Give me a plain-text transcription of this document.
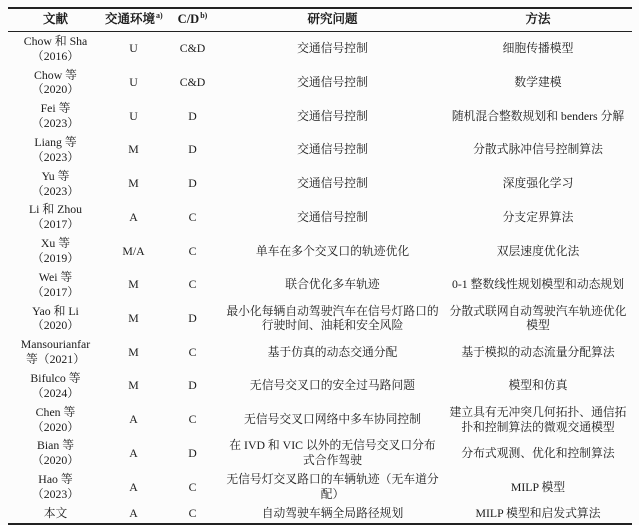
文献	交通环境$^{a)}$	$C/D^{b)}$	研究问题	方法

Chow 和 Sha
（2016）	U	C&D	交通信号控制	细胞传播模型

Chow 等
（2020）	U	C&D	交通信号控制	数学建模

Fei 等
（2023）	U	D	交通信号控制	随机混合整数规划和 benders 分解

Liang 等
（2023）	M	D	交通信号控制	分散式脉冲信号控制算法

Yu 等
（2023）	M	D	交通信号控制	深度强化学习

Li 和 Zhou
（2017）	A	C	交通信号控制	分支定界算法

Xu 等
（2019）	M/A	C	单车在多个交叉口的轨迹优化	双层速度优化法

Wei 等
（2017）	M	C	联合优化多车轨迹	0-1 整数线性规划模型和动态规划

Yao 和 Li
（2020）	M	D	最小化每辆自动驾驶汽车在信号灯路口的行驶时间、油耗和安全风险	分散式联网自动驾驶汽车轨迹优化模型

Mansourianfar
等（2021）	M	C	基于仿真的动态交通分配	基于模拟的动态流量分配算法

Bifulco 等
（2024）	M	D	无信号交叉口的安全过马路问题	模型和仿真

Chen 等
（2020）	A	C	无信号交叉口网络中多车协同控制	建立具有无冲突几何拓扑、通信拓扑和控制算法的微观交通模型

Bian 等
（2020）	A	D	在 IVD 和 VIC 以外的无信号交叉口分布式合作驾驶	分布式观测、优化和控制算法

Hao 等
（2023）	A	C	无信号灯交叉路口的车辆轨迹（无车道分配）	MILP 模型

本文	A	C	自动驾驶车辆全局路径规划	MILP 模型和启发式算法
